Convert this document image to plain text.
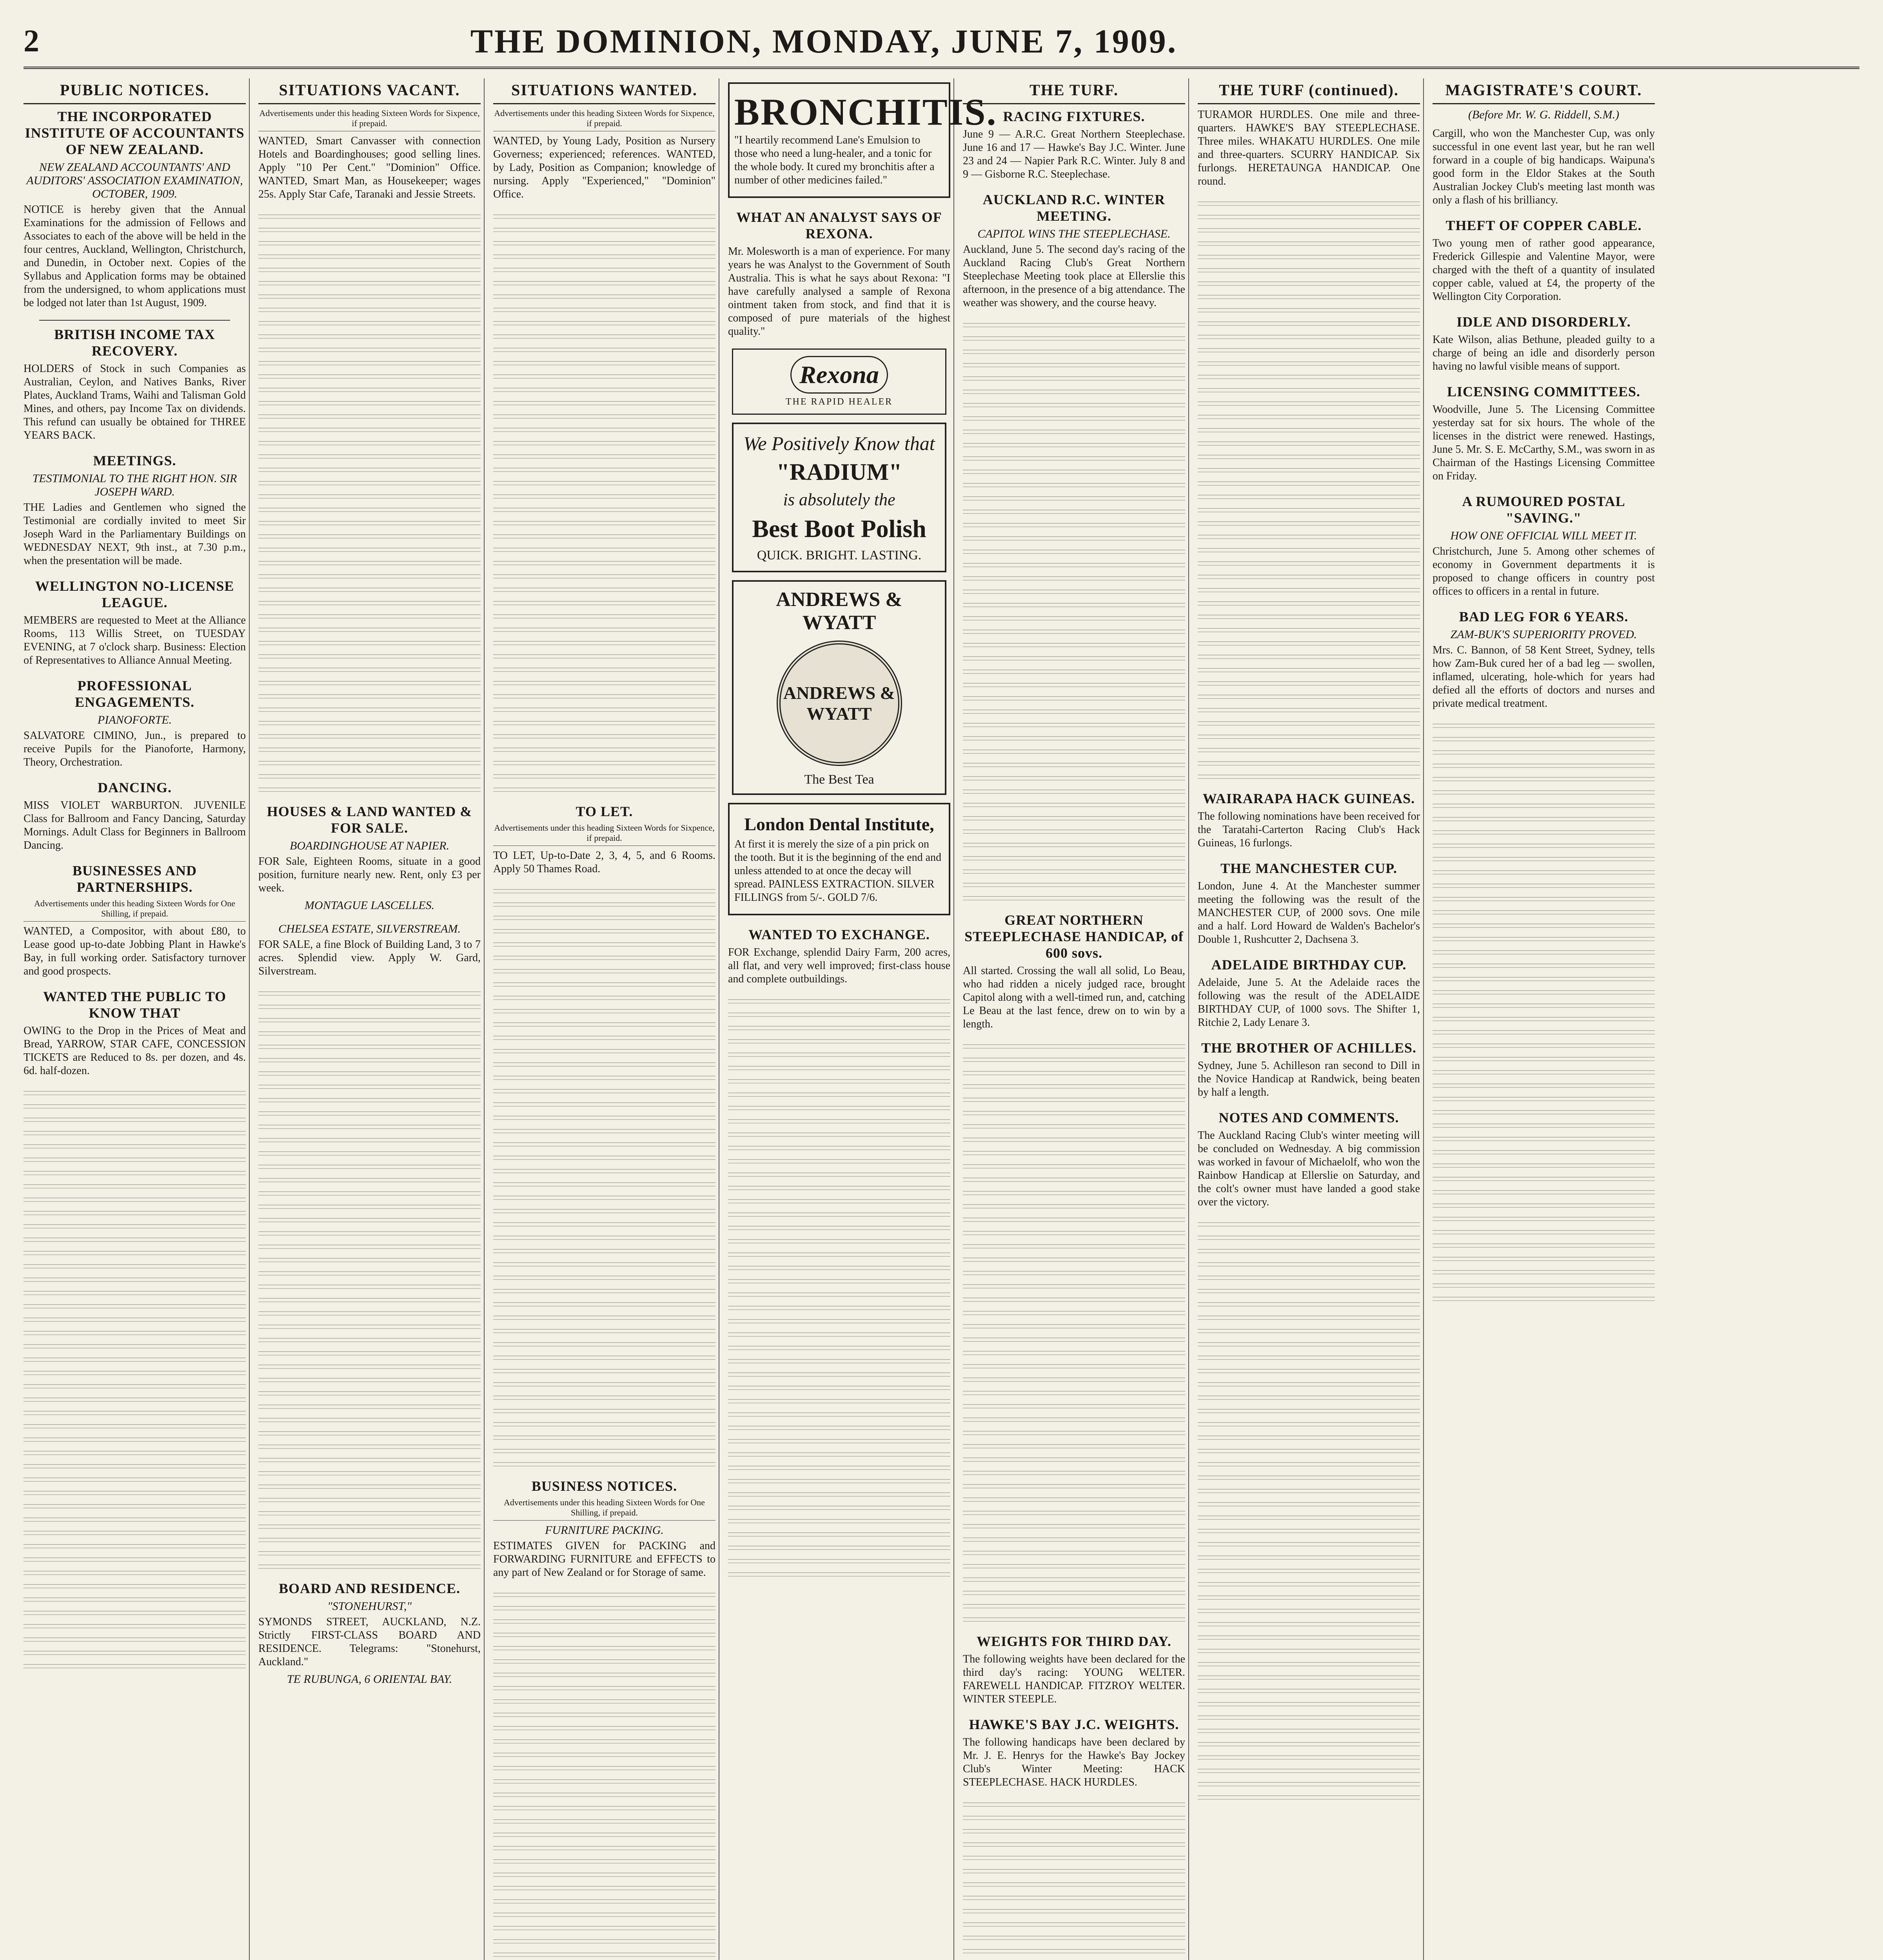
2	THE DOMINION, MONDAY, JUNE 7, 1909.
PUBLIC NOTICES.
THE INCORPORATED INSTITUTE OF ACCOUNTANTS OF NEW ZEALAND.
NEW ZEALAND ACCOUNTANTS' AND AUDITORS' ASSOCIATION EXAMINATION, OCTOBER, 1909.

NOTICE is hereby given that the Annual Examinations for the admission of Fellows and Associates to each of the above will be held in the four centres, Auckland, Wellington, Christchurch, and Dunedin, in October next. Copies of the Syllabus and Application forms may be obtained from the undersigned, to whom applications must be lodged not later than 1st August, 1909.

BRITISH INCOME TAX RECOVERY.

HOLDERS of Stock in such Companies as Australian, Ceylon, and Natives Banks, River Plates, Auckland Trams, Waihi and Talisman Gold Mines, and others, pay Income Tax on dividends. This refund can usually be obtained for THREE YEARS BACK.

MEETINGS.
TESTIMONIAL TO THE RIGHT HON. SIR JOSEPH WARD.

THE Ladies and Gentlemen who signed the Testimonial are cordially invited to meet Sir Joseph Ward in the Parliamentary Buildings on WEDNESDAY NEXT, 9th inst., at 7.30 p.m., when the presentation will be made.

WELLINGTON NO-LICENSE LEAGUE.

MEMBERS are requested to Meet at the Alliance Rooms, 113 Willis Street, on TUESDAY EVENING, at 7 o'clock sharp. Business: Election of Representatives to Alliance Annual Meeting.

PROFESSIONAL ENGAGEMENTS.
PIANOFORTE.

SALVATORE CIMINO, Jun., is prepared to receive Pupils for the Pianoforte, Harmony, Theory, Orchestration.

DANCING.

MISS VIOLET WARBURTON. JUVENILE Class for Ballroom and Fancy Dancing, Saturday Mornings. Adult Class for Beginners in Ballroom Dancing.

BUSINESSES AND PARTNERSHIPS.
Advertisements under this heading Sixteen Words for One Shilling, if prepaid.

WANTED, a Compositor, with about £80, to Lease good up-to-date Jobbing Plant in Hawke's Bay, in full working order. Satisfactory turnover and good prospects.

WANTED THE PUBLIC TO KNOW THAT

OWING to the Drop in the Prices of Meat and Bread, YARROW, STAR CAFE, CONCESSION TICKETS are Reduced to 8s. per dozen, and 4s. 6d. half-dozen.

SITUATIONS VACANT.
Advertisements under this heading Sixteen Words for Sixpence, if prepaid.

WANTED, Smart Canvasser with connection Hotels and Boardinghouses; good selling lines. Apply "10 Per Cent." "Dominion" Office. WANTED, Smart Man, as Housekeeper; wages 25s. Apply Star Cafe, Taranaki and Jessie Streets.

HOUSES & LAND WANTED & FOR SALE.
BOARDINGHOUSE AT NAPIER.

FOR Sale, Eighteen Rooms, situate in a good position, furniture nearly new. Rent, only £3 per week.

MONTAGUE LASCELLES.
CHELSEA ESTATE, SILVERSTREAM.

FOR SALE, a fine Block of Building Land, 3 to 7 acres. Splendid view. Apply W. Gard, Silverstream.

BOARD AND RESIDENCE.
"STONEHURST,"

SYMONDS STREET, AUCKLAND, N.Z. Strictly FIRST-CLASS BOARD AND RESIDENCE. Telegrams: "Stonehurst, Auckland."

TE RUBUNGA, 6 ORIENTAL BAY.
SITUATIONS WANTED.
Advertisements under this heading Sixteen Words for Sixpence, if prepaid.

WANTED, by Young Lady, Position as Nursery Governess; experienced; references. WANTED, by Lady, Position as Companion; knowledge of nursing. Apply "Experienced," "Dominion" Office.

TO LET.
Advertisements under this heading Sixteen Words for Sixpence, if prepaid.

TO LET, Up-to-Date 2, 3, 4, 5, and 6 Rooms. Apply 50 Thames Road.

BUSINESS NOTICES.
Advertisements under this heading Sixteen Words for One Shilling, if prepaid.
FURNITURE PACKING.

ESTIMATES GIVEN for PACKING and FORWARDING FURNITURE and EFFECTS to any part of New Zealand or for Storage of same.

BRONCHITIS.

"I heartily recommend Lane's Emulsion to those who need a lung-healer, and a tonic for the whole body. It cured my bronchitis after a number of other medicines failed."

WHAT AN ANALYST SAYS OF REXONA.

Mr. Molesworth is a man of experience. For many years he was Analyst to the Government of South Australia. This is what he says about Rexona: "I have carefully analysed a sample of Rexona ointment taken from stock, and find that it is composed of pure materials of the highest quality."

Rexona
THE RAPID HEALER
We Positively Know that
"RADIUM"
is absolutely the
Best Boot Polish
QUICK. BRIGHT. LASTING.
ANDREWS & WYATT
ANDREWS & WYATT
The Best Tea
London Dental Institute,

At first it is merely the size of a pin prick on the tooth. But it is the beginning of the end and unless attended to at once the decay will spread. PAINLESS EXTRACTION. SILVER FILLINGS from 5/-. GOLD 7/6.

WANTED TO EXCHANGE.

FOR Exchange, splendid Dairy Farm, 200 acres, all flat, and very well improved; first-class house and complete outbuildings.

THE TURF.
RACING FIXTURES.

June 9 — A.R.C. Great Northern Steeplechase. June 16 and 17 — Hawke's Bay J.C. Winter. June 23 and 24 — Napier Park R.C. Winter. July 8 and 9 — Gisborne R.C. Steeplechase.

AUCKLAND R.C. WINTER MEETING.
CAPITOL WINS THE STEEPLECHASE.

Auckland, June 5. The second day's racing of the Auckland Racing Club's Great Northern Steeplechase Meeting took place at Ellerslie this afternoon, in the presence of a big attendance. The weather was showery, and the course heavy.

GREAT NORTHERN STEEPLECHASE HANDICAP, of 600 sovs.

All started. Crossing the wall all solid, Lo Beau, who had ridden a nicely judged race, brought Capitol along with a well-timed run, and, catching Le Beau at the last fence, drew on to win by a length.

WEIGHTS FOR THIRD DAY.

The following weights have been declared for the third day's racing: YOUNG WELTER. FAREWELL HANDICAP. FITZROY WELTER. WINTER STEEPLE.

HAWKE'S BAY J.C. WEIGHTS.

The following handicaps have been declared by Mr. J. E. Henrys for the Hawke's Bay Jockey Club's Winter Meeting: HACK STEEPLECHASE. HACK HURDLES.

THE TURF (continued).

TURAMOR HURDLES. One mile and three-quarters. HAWKE'S BAY STEEPLECHASE. Three miles. WHAKATU HURDLES. One mile and three-quarters. SCURRY HANDICAP. Six furlongs. HERETAUNGA HANDICAP. One round.

WAIRARAPA HACK GUINEAS.

The following nominations have been received for the Taratahi-Carterton Racing Club's Hack Guineas, 16 furlongs.

THE MANCHESTER CUP.

London, June 4. At the Manchester summer meeting the following was the result of the MANCHESTER CUP, of 2000 sovs. One mile and a half. Lord Howard de Walden's Bachelor's Double 1, Rushcutter 2, Dachsena 3.

ADELAIDE BIRTHDAY CUP.

Adelaide, June 5. At the Adelaide races the following was the result of the ADELAIDE BIRTHDAY CUP, of 1000 sovs. The Shifter 1, Ritchie 2, Lady Lenare 3.

THE BROTHER OF ACHILLES.

Sydney, June 5. Achilleson ran second to Dill in the Novice Handicap at Randwick, being beaten by half a length.

NOTES AND COMMENTS.

The Auckland Racing Club's winter meeting will be concluded on Wednesday. A big commission was worked in favour of Michaelolf, who won the Rainbow Handicap at Ellerslie on Saturday, and the colt's owner must have landed a good stake over the victory.

MAGISTRATE'S COURT.
(Before Mr. W. G. Riddell, S.M.)

Cargill, who won the Manchester Cup, was only successful in one event last year, but he ran well forward in a couple of big handicaps. Waipuna's good form in the Eldor Stakes at the South Australian Jockey Club's meeting last month was only a flash of his brilliancy.

THEFT OF COPPER CABLE.

Two young men of rather good appearance, Frederick Gillespie and Valentine Mayor, were charged with the theft of a quantity of insulated copper cable, valued at £4, the property of the Wellington City Corporation.

IDLE AND DISORDERLY.

Kate Wilson, alias Bethune, pleaded guilty to a charge of being an idle and disorderly person having no lawful visible means of support.

LICENSING COMMITTEES.

Woodville, June 5. The Licensing Committee yesterday sat for six hours. The whole of the licenses in the district were renewed. Hastings, June 5. Mr. S. E. McCarthy, S.M., was sworn in as Chairman of the Hastings Licensing Committee on Friday.

A RUMOURED POSTAL "SAVING."
HOW ONE OFFICIAL WILL MEET IT.

Christchurch, June 5. Among other schemes of economy in Government departments it is proposed to change officers in country post offices to officers in a rental in future.

BAD LEG FOR 6 YEARS.
ZAM-BUK'S SUPERIORITY PROVED.

Mrs. C. Bannon, of 58 Kent Street, Sydney, tells how Zam-Buk cured her of a bad leg — swollen, inflamed, ulcerating, hole-which for years had defied all the efforts of doctors and nurses and private medical treatment.
